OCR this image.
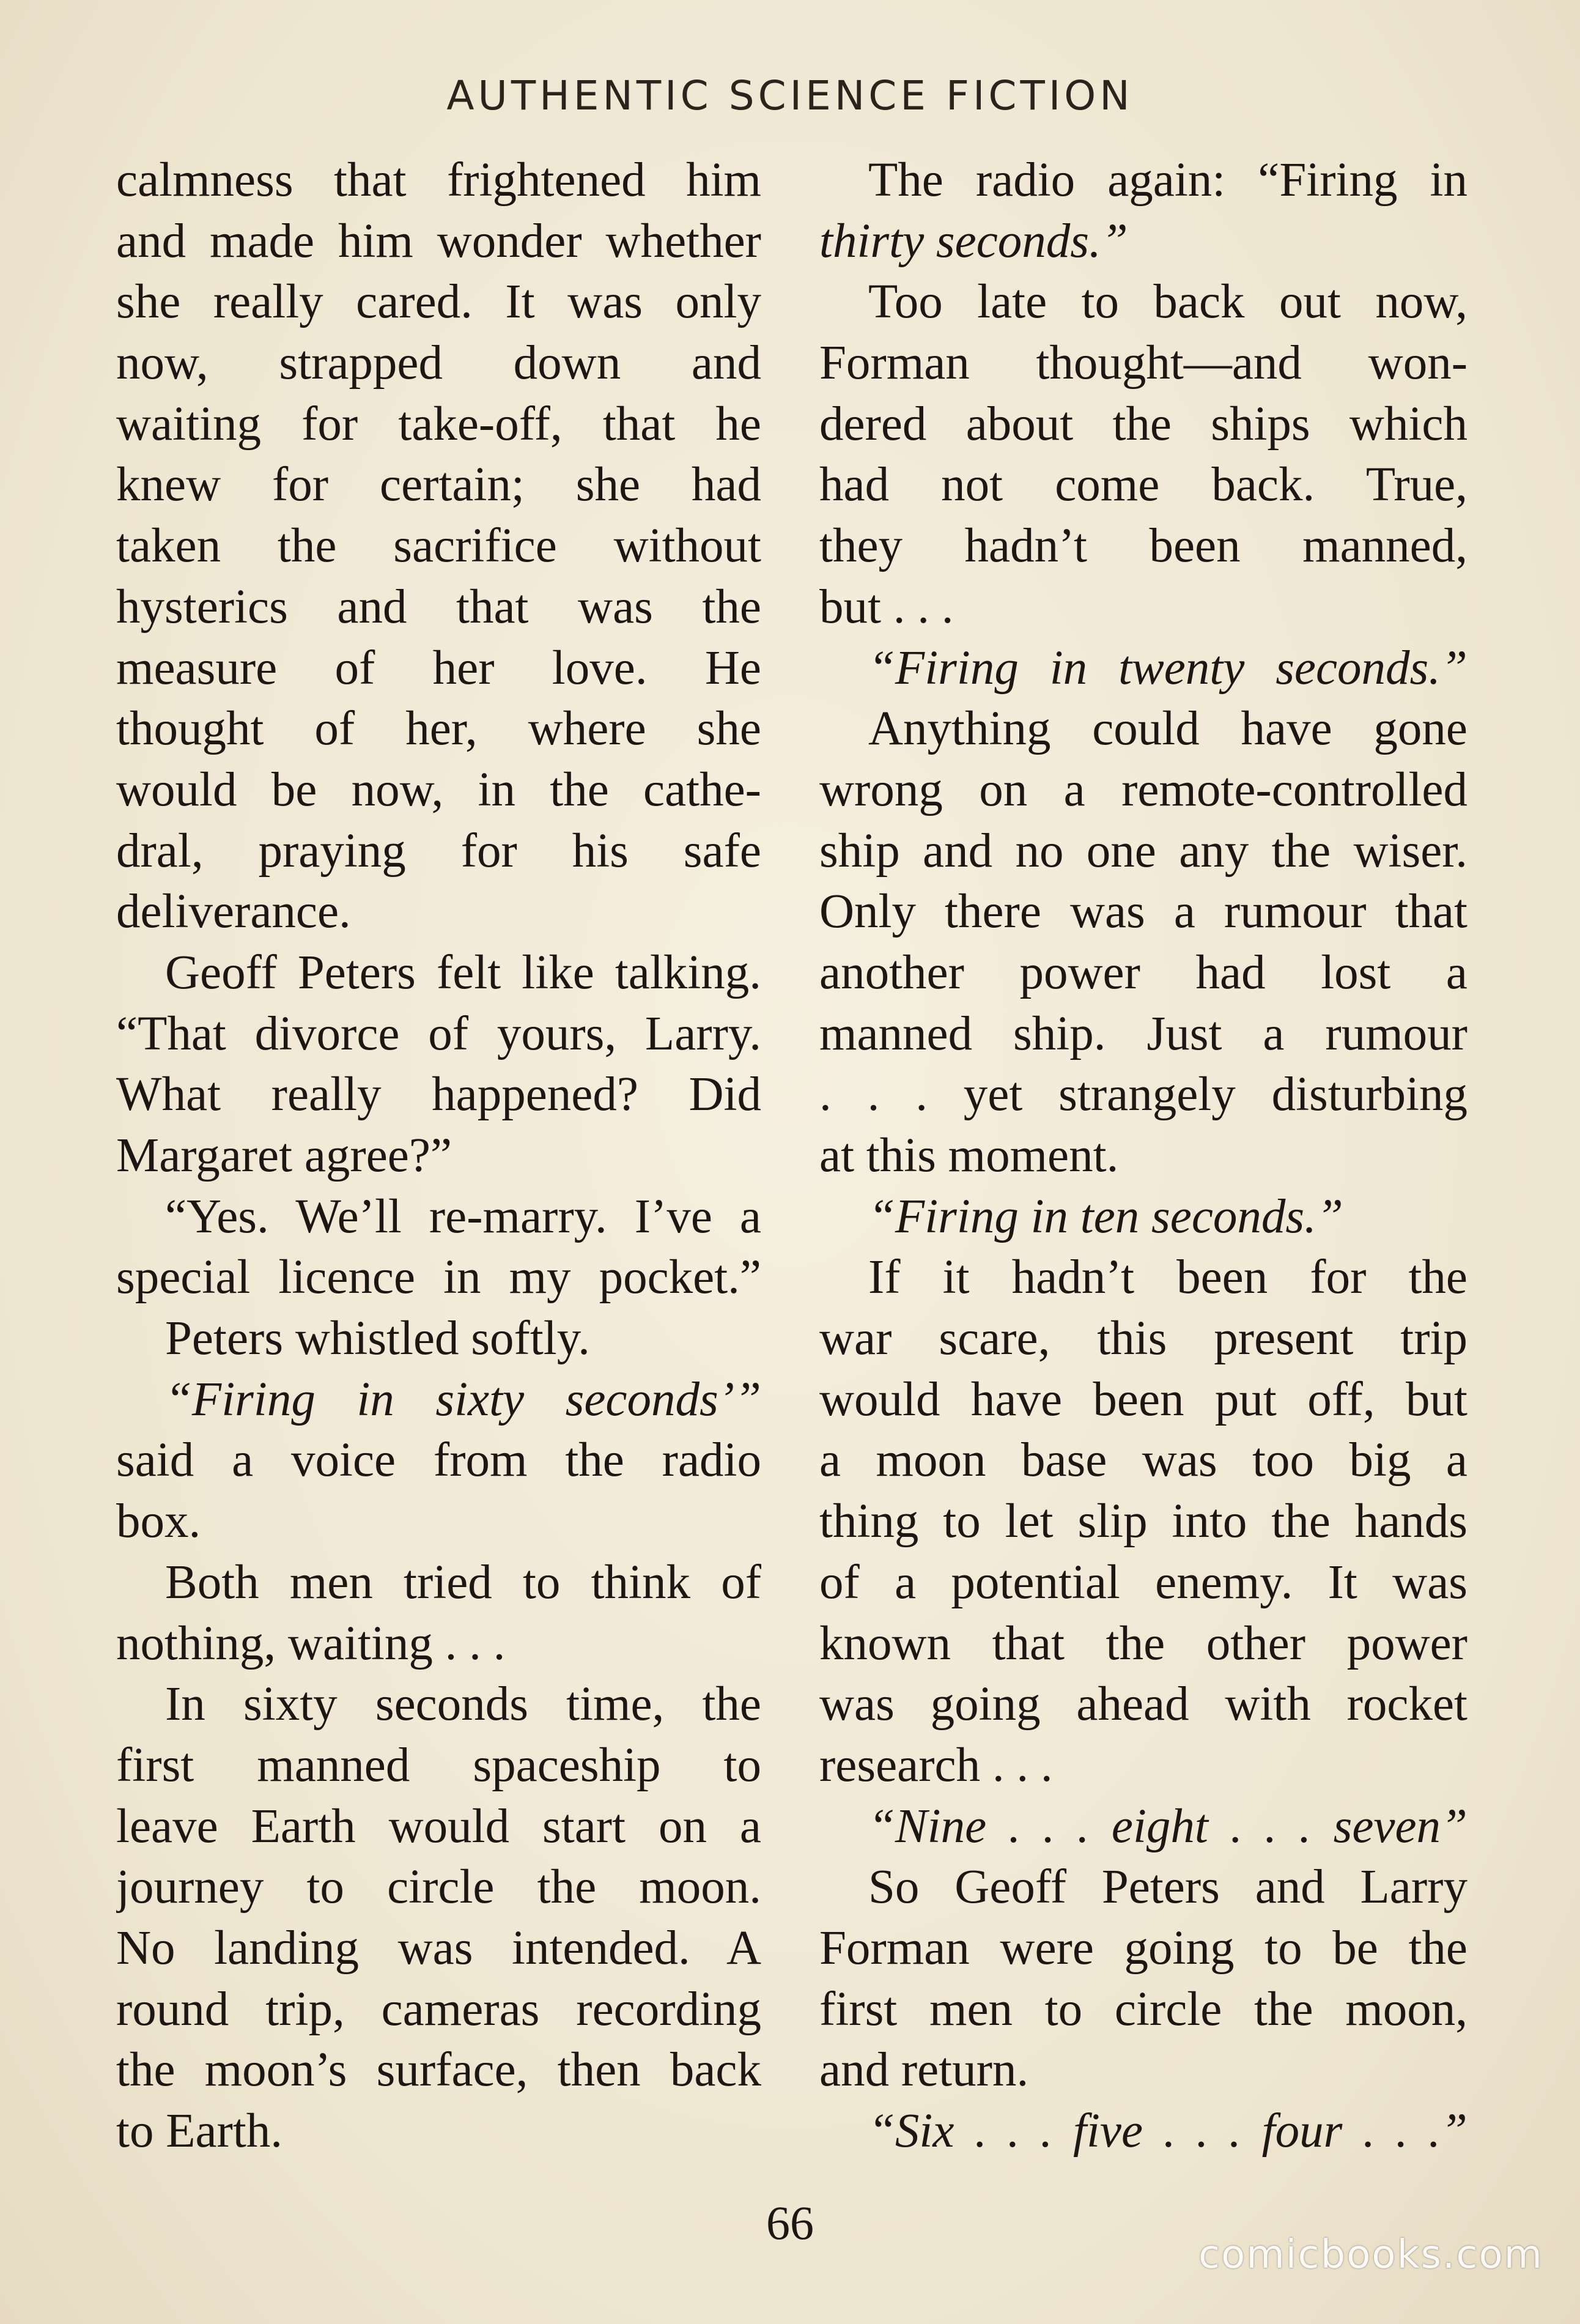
AUTHENTIC SCIENCE FICTION
calmness that frightened him
and made him wonder whether
she really cared. It was only
now, strapped down and
waiting for take-off, that he
knew for certain; she had
taken the sacrifice without
hysterics and that was the
measure of her love. He
thought of her, where she
would be now, in the cathe-
dral, praying for his safe
deliverance.
Geoff Peters felt like talking.
“That divorce of yours, Larry.
What really happened? Did
Margaret agree?”
“Yes. We’ll re-marry. I’ve a
special licence in my pocket.”
Peters whistled softly.
“Firing in sixty seconds’”
said a voice from the radio
box.
Both men tried to think of
nothing, waiting . . .
In sixty seconds time, the
first manned spaceship to
leave Earth would start on a
journey to circle the moon.
No landing was intended. A
round trip, cameras recording
the moon’s surface, then back
to Earth.
The radio again: “Firing in
thirty seconds.”
Too late to back out now,
Forman thought—and won-
dered about the ships which
had not come back. True,
they hadn’t been manned,
but . . .
“Firing in twenty seconds.”
Anything could have gone
wrong on a remote-controlled
ship and no one any the wiser.
Only there was a rumour that
another power had lost a
manned ship. Just a rumour
. . . yet strangely disturbing
at this moment.
“Firing in ten seconds.”
If it hadn’t been for the
war scare, this present trip
would have been put off, but
a moon base was too big a
thing to let slip into the hands
of a potential enemy. It was
known that the other power
was going ahead with rocket
research . . .
“Nine . . . eight . . . seven”
So Geoff Peters and Larry
Forman were going to be the
first men to circle the moon,
and return.
“Six . . . five . . . four . . .”
66
comicbooks.com
